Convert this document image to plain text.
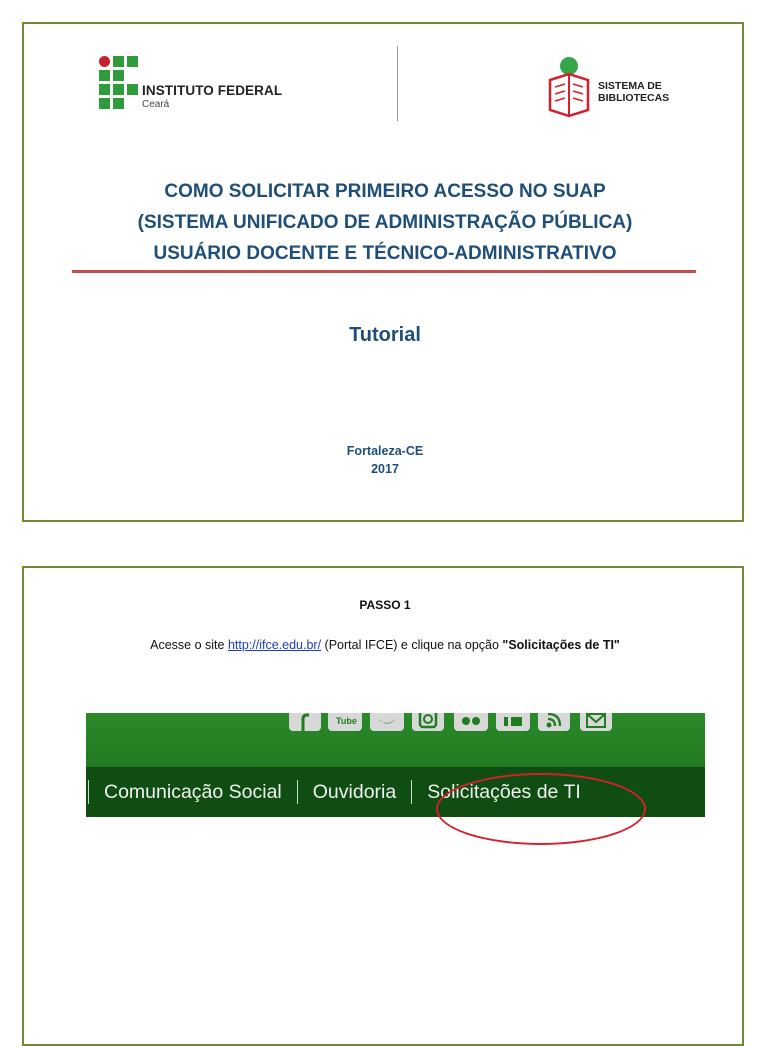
INSTITUTO FEDERAL
Ceará
SISTEMA DE
BIBLIOTECAS
COMO SOLICITAR PRIMEIRO ACESSO NO SUAP
(SISTEMA UNIFICADO DE ADMINISTRAÇÃO PÚBLICA)
USUÁRIO DOCENTE E TÉCNICO-ADMINISTRATIVO
Tutorial
Fortaleza-CE
2017
PASSO 1
Acesse o site http://ifce.edu.br/ (Portal IFCE) e clique na opção "Solicitações de TI"
Tube
Comunicação Social Ouvidoria Solicitações de TI
